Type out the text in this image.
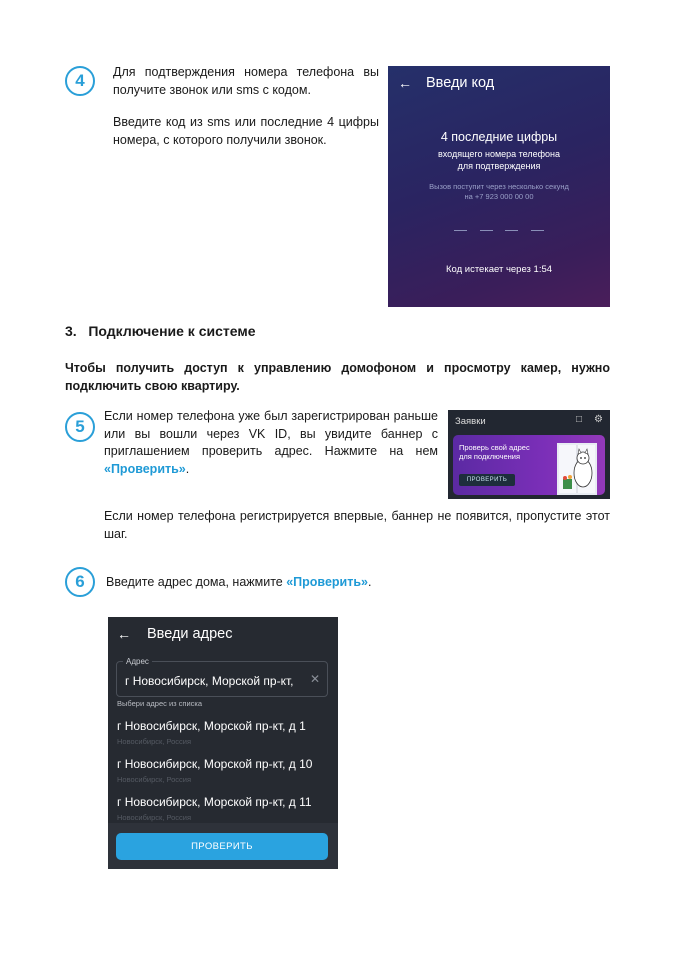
4	Для подтверждения номера телефона вы получите звонок или sms с кодом.

Введите код из sms или последние 4 цифры номера, с которого получили звонок.

← Введи код
4 последние цифры
входящего номера телефона
для подтверждения
Вызов поступит через несколько секунд
на +7 923 000 00 00
Код истекает через 1:54
3.   Подключение к системе

Чтобы получить доступ к управлению домофоном и просмотру камер, нужно подключить свою квартиру.

5

Если номер телефона уже был зарегистрирован раньше или вы вошли через VK ID, вы увидите баннер с приглашением проверить адрес. Нажмите на нем «Проверить».

Заявки	□ ⚙
Проверь свой адрес
для подключения
ПРОВЕРИТЬ

Если номер телефона регистрируется впервые, баннер не появится, пропустите этот шаг.

6	Введите адрес дома, нажмите «Проверить».

← Введи адрес
Адрес
г Новосибирск, Морской пр-кт, ✕
Выбери адрес из списка
г Новосибирск, Морской пр-кт, д 1
Новосибирск, Россия
г Новосибирск, Морской пр-кт, д 10
Новосибирск, Россия
г Новосибирск, Морской пр-кт, д 11
Новосибирск, Россия
ПРОВЕРИТЬ
